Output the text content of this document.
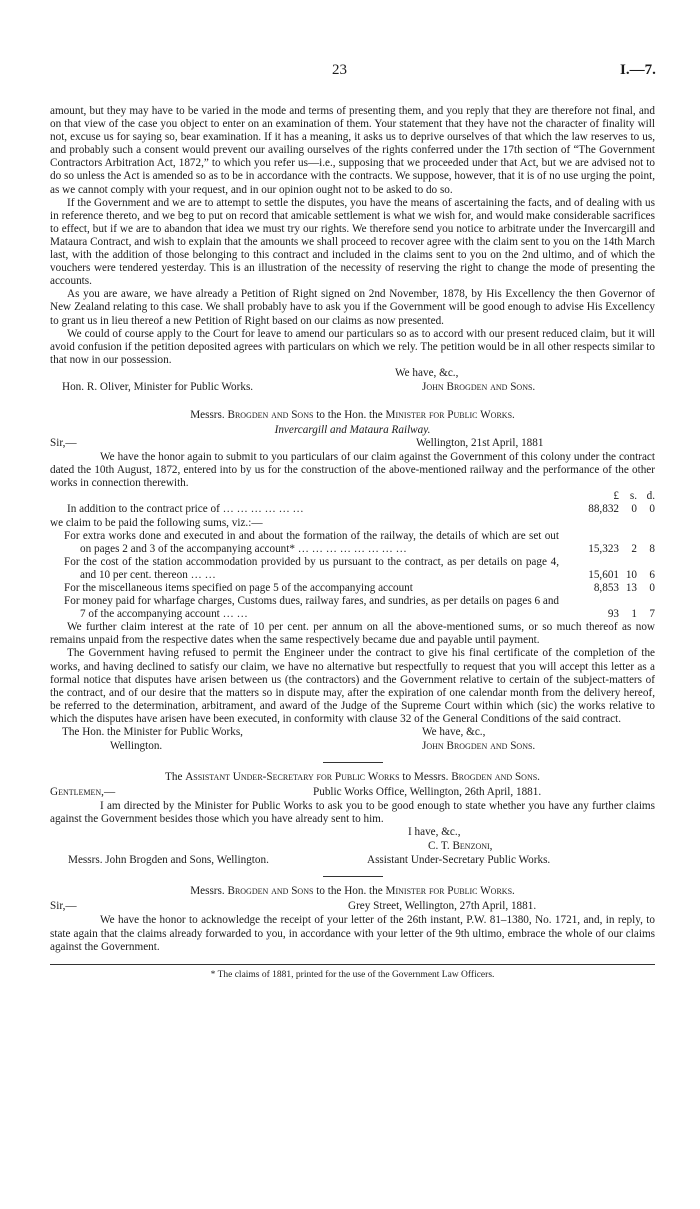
23	I.—7.

amount, but they may have to be varied in the mode and terms of presenting them, and you reply that they are therefore not final, and on that view of the case you object to enter on an examination of them. Your statement that they have not the character of finality will not, excuse us for saying so, bear examination. If it has a meaning, it asks us to deprive ourselves of that which the law reserves to us, and probably such a consent would prevent our availing ourselves of the rights conferred under the 17th section of “The Government Contractors Arbitration Act, 1872,” to which you refer us—i.e., supposing that we proceeded under that Act, but we are advised not to do so unless the Act is amended so as to be in accordance with the contracts. We suppose, however, that it is of no use urging the point, as we cannot comply with your request, and in our opinion ought not to be asked to do so.

If the Government and we are to attempt to settle the disputes, you have the means of ascertaining the facts, and of dealing with us in reference thereto, and we beg to put on record that amicable settlement is what we wish for, and would make considerable sacrifices to effect, but if we are to abandon that idea we must try our rights. We therefore send you notice to arbitrate under the Invercargill and Mataura Contract, and wish to explain that the amounts we shall proceed to recover agree with the claim sent to you on the 14th March last, with the addition of those belonging to this contract and included in the claims sent to you on the 2nd ultimo, and of which the vouchers were tendered yesterday. This is an illustration of the necessity of reserving the right to change the mode of presenting the accounts.

As you are aware, we have already a Petition of Right signed on 2nd November, 1878, by His Excellency the then Governor of New Zealand relating to this case. We shall probably have to ask you if the Government will be good enough to advise His Excellency to grant us in lieu thereof a new Petition of Right based on our claims as now presented.

We could of course apply to the Court for leave to amend our particulars so as to accord with our present reduced claim, but it will avoid confusion if the petition deposited agrees with particulars on which we rely. The petition would be in all other respects similar to that now in our possession.

We have, &c.,
Hon. R. Oliver, Minister for Public Works.	John Brogden and Sons.
Messrs. Brogden and Sons to the Hon. the Minister for Public Works.
Invercargill and Mataura Railway.
Sir,—	Wellington, 21st April, 1881

We have the honor again to submit to you particulars of our claim against the Government of this colony under the contract dated the 10th August, 1872, entered into by us for the construction of the above-mentioned railway and the performance of the other works in connection therewith.

£ s. d.
In addition to the contract price of … … … … … …	88,832	0	0

we claim to be paid the following sums, viz.:—

For extra works done and executed in and about the formation of the railway, the details of which are set out on pages 2 and 3 of the accompanying account* … … … … … … … …	15,323	2	8
For the cost of the station accommodation provided by us pursuant to the contract, as per details on page 4, and 10 per cent. thereon … …	15,601 10	6
For the miscellaneous items specified on page 5 of the accompanying account	8,853 13	0
For money paid for wharfage charges, Customs dues, railway fares, and sundries, as per details on pages 6 and 7 of the accompanying account … …	93	1	7

We further claim interest at the rate of 10 per cent. per annum on all the above-mentioned sums, or so much thereof as now remains unpaid from the respective dates when the same respectively became due and payable until payment.

The Government having refused to permit the Engineer under the contract to give his final certificate of the completion of the works, and having declined to satisfy our claim, we have no alternative but respectfully to request that you will accept this letter as a formal notice that disputes have arisen between us (the contractors) and the Government relative to certain of the subject-matters of the contract, and of our desire that the matters so in dispute may, after the expiration of one calendar month from the delivery hereof, be referred to the determination, arbitrament, and award of the Judge of the Supreme Court within which (sic) the works relative to which the disputes have arisen have been executed, in conformity with clause 32 of the General Conditions of the said contract.

The Hon. the Minister for Public Works,	We have, &c.,
Wellington.	John Brogden and Sons.
The Assistant Under-Secretary for Public Works to Messrs. Brogden and Sons.
Gentlemen,—	Public Works Office, Wellington, 26th April, 1881.

I am directed by the Minister for Public Works to ask you to be good enough to state whether you have any further claims against the Government besides those which you have already sent to him.

I have, &c.,
C. T. Benzoni,
Messrs. John Brogden and Sons, Wellington.	Assistant Under-Secretary Public Works.
Messrs. Brogden and Sons to the Hon. the Minister for Public Works.
Sir,—	Grey Street, Wellington, 27th April, 1881.

We have the honor to acknowledge the receipt of your letter of the 26th instant, P.W. 81–1380, No. 1721, and, in reply, to state again that the claims already forwarded to you, in accordance with your letter of the 9th ultimo, embrace the whole of our claims against the Government.

* The claims of 1881, printed for the use of the Government Law Officers.
